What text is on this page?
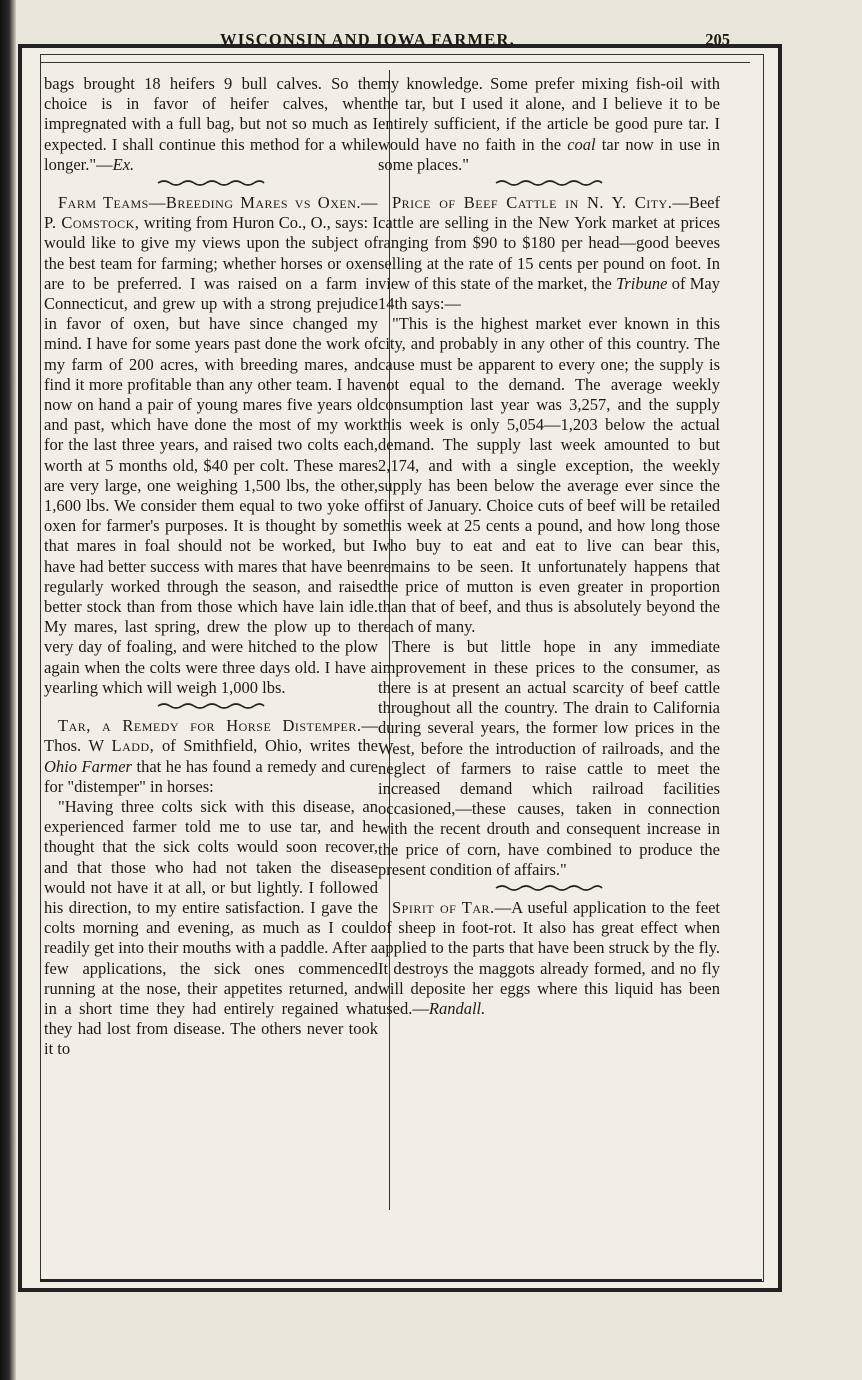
WISCONSIN AND IOWA FARMER.	205

bags brought 18 heifers 9 bull calves. So the choice is in favor of heifer calves, when impregnated with a full bag, but not so much as I expected. I shall continue this method for a while longer."—Ex.

Farm Teams—Breeding Mares vs Oxen.—P. Comstock, writing from Huron Co., O., says: I would like to give my views upon the subject of the best team for farming; whether horses or oxen are to be preferred. I was raised on a farm in Connecticut, and grew up with a strong prejudice in favor of oxen, but have since changed my mind. I have for some years past done the work of my farm of 200 acres, with breeding mares, and find it more profitable than any other team. I have now on hand a pair of young mares five years old and past, which have done the most of my work for the last three years, and raised two colts each, worth at 5 months old, $40 per colt. These mares are very large, one weighing 1,500 lbs, the other, 1,600 lbs. We consider them equal to two yoke of oxen for farmer's purposes. It is thought by some that mares in foal should not be worked, but I have had better success with mares that have been regularly worked through the season, and raised better stock than from those which have lain idle. My mares, last spring, drew the plow up to the very day of foaling, and were hitched to the plow again when the colts were three days old. I have a yearling which will weigh 1,000 lbs.

Tar, a Remedy for Horse Distemper.—Thos. W Ladd, of Smithfield, Ohio, writes the Ohio Farmer that he has found a remedy and cure for "distemper" in horses:

"Having three colts sick with this disease, an experienced farmer told me to use tar, and he thought that the sick colts would soon recover, and that those who had not taken the disease would not have it at all, or but lightly. I followed his direction, to my entire satisfaction. I gave the colts morning and evening, as much as I could readily get into their mouths with a paddle. After a few applications, the sick ones commenced running at the nose, their appetites returned, and in a short time they had entirely regained what they had lost from disease. The others never took it to

my knowledge. Some prefer mixing fish-oil with the tar, but I used it alone, and I believe it to be entirely sufficient, if the article be good pure tar. I would have no faith in the coal tar now in use in some places."

Price of Beef Cattle in N. Y. City.—Beef cattle are selling in the New York market at prices ranging from $90 to $180 per head—good beeves selling at the rate of 15 cents per pound on foot. In view of this state of the market, the Tribune of May 14th says:—

"This is the highest market ever known in this city, and probably in any other of this country. The cause must be apparent to every one; the supply is not equal to the demand. The average weekly consumption last year was 3,257, and the supply this week is only 5,054—1,203 below the actual demand. The supply last week amounted to but 2,174, and with a single exception, the weekly supply has been below the average ever since the first of January. Choice cuts of beef will be retailed this week at 25 cents a pound, and how long those who buy to eat and eat to live can bear this, remains to be seen. It unfortunately happens that the price of mutton is even greater in proportion than that of beef, and thus is absolutely beyond the reach of many.

There is but little hope in any immediate improvement in these prices to the consumer, as there is at present an actual scarcity of beef cattle throughout all the country. The drain to California during several years, the former low prices in the West, before the introduction of railroads, and the neglect of farmers to raise cattle to meet the increased demand which railroad facilities occasioned,—these causes, taken in connection with the recent drouth and consequent increase in the price of corn, have combined to produce the present condition of affairs."

Spirit of Tar.—A useful application to the feet of sheep in foot-rot. It also has great effect when applied to the parts that have been struck by the fly. It destroys the maggots already formed, and no fly will deposite her eggs where this liquid has been used.—Randall.
